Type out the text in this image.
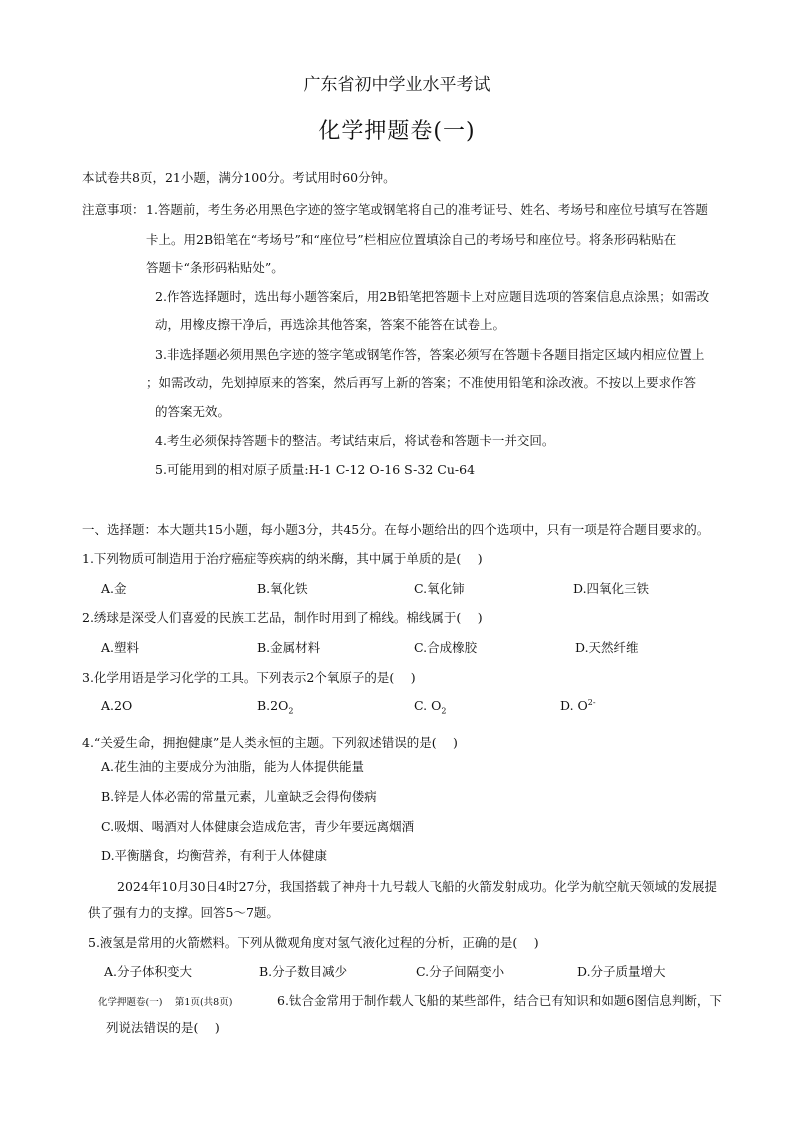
广东省初中学业水平考试
化学押题卷(一)
本试卷共8页，21小题，满分100分。考试用时60分钟。
注意事项： 1.答题前，考生务必用黑色字迹的签字笔或钢笔将自己的准考证号、姓名、考场号和座位号填写在答题
卡上。用2B铅笔在“考场号”和“座位号”栏相应位置填涂自己的考场号和座位号。将条形码粘贴在
答题卡“条形码粘贴处”。
2.作答选择题时，选出每小题答案后，用2B铅笔把答题卡上对应题目选项的答案信息点涂黑；如需改
动，用橡皮擦干净后，再选涂其他答案，答案不能答在试卷上。
3.非选择题必须用黑色字迹的签字笔或钢笔作答，答案必须写在答题卡各题目指定区域内相应位置上
；如需改动，先划掉原来的答案，然后再写上新的答案；不准使用铅笔和涂改液。不按以上要求作答
的答案无效。
4.考生必须保持答题卡的整洁。考试结束后，将试卷和答题卡一并交回。
5.可能用到的相对原子质量:H-1 C-12 O-16 S-32 Cu-64
一、选择题：本大题共15小题，每小题3分，共45分。在每小题给出的四个选项中，只有一项是符合题目要求的。
1.下列物质可制造用于治疗癌症等疾病的纳米酶，其中属于单质的是(　 )
A.金	B.氧化铁	C.氧化铈	D.四氧化三铁
2.绣球是深受人们喜爱的民族工艺品，制作时用到了棉线。棉线属于(　 )
A.塑料	B.金属材料	C.合成橡胶	D.天然纤维
3.化学用语是学习化学的工具。下列表示2个氧原子的是(　 )
A.2O	$B.2O_2$	C. $O_2$	D. $O^{2-}$
4.“关爱生命，拥抱健康”是人类永恒的主题。下列叙述错误的是(　 )
A.花生油的主要成分为油脂，能为人体提供能量
B.锌是人体必需的常量元素，儿童缺乏会得佝偻病
C.吸烟、喝酒对人体健康会造成危害，青少年要远离烟酒
D.平衡膳食，均衡营养，有利于人体健康
2024年10月30日4时27分，我国搭载了神舟十九号载人飞船的火箭发射成功。化学为航空航天领域的发展提
供了强有力的支撑。回答5～7题。
5.液氢是常用的火箭燃料。下列从微观角度对氢气液化过程的分析，正确的是(　 )
A.分子体积变大	B.分子数目减少	C.分子间隔变小	D.分子质量增大
化学押题卷(一)　 第1页(共8页)	6.钛合金常用于制作载人飞船的某些部件，结合已有知识和如题6图信息判断，下
列说法错误的是(　 )
